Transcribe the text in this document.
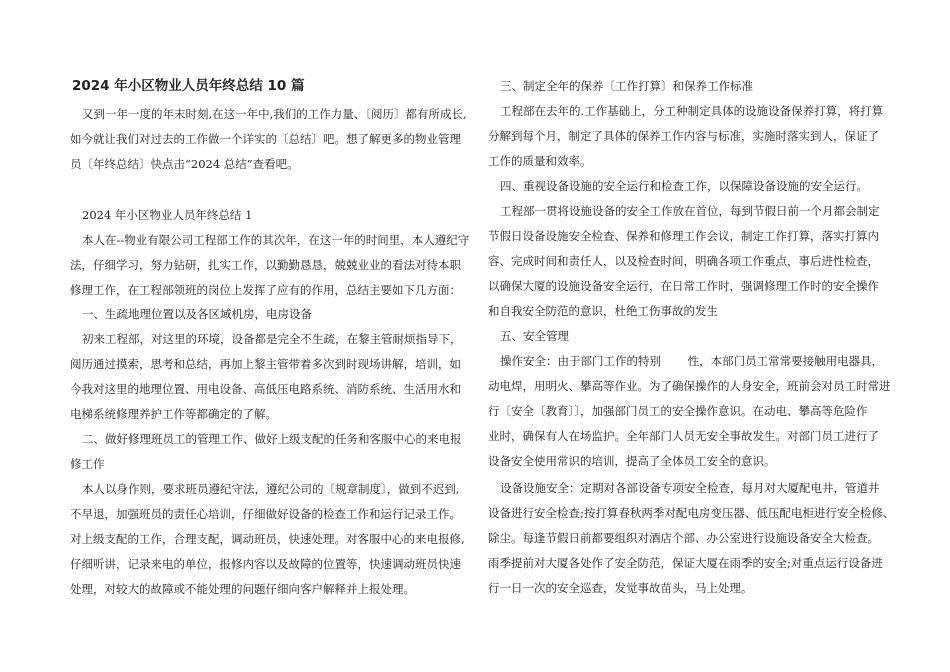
2024 年小区物业人员年终总结 10 篇

又到一年一度的年末时刻,在这一年中,我们的工作力量、〔阅历〕都有所成长,

如今就让我们对过去的工作做一个详实的〔总结〕吧。想了解更多的物业管理

员〔年终总结〕快点击“2024 总结”查看吧。

2024 年小区物业人员年终总结 1

本人在--物业有限公司工程部工作的其次年，在这一年的时间里，本人遵纪守

法，仔细学习，努力钻研，扎实工作，以勤勤恳恳，兢兢业业的看法对待本职

修理工作，在工程部领班的岗位上发挥了应有的作用，总结主要如下几方面：

一、生疏地理位置以及各区域机房，电房设备

初来工程部，对这里的环境，设备都是完全不生疏，在黎主管耐烦指导下，

阅历通过摸索，思考和总结，再加上黎主管带着多次到时现场讲解，培训，如

今我对这里的地理位置、用电设备、高低压电路系统、消防系统、生活用水和

电梯系统修理养护工作等都确定的了解。

二、做好修理班员工的管理工作、做好上级支配的任务和客服中心的来电报

修工作

本人以身作则，要求班员遵纪守法，遵纪公司的〔规章制度〕，做到不迟到,

不早退，加强班员的责任心培训，仔细做好设备的检查工作和运行记录工作。

对上级支配的工作，合理支配，调动班员，快速处理。对客服中心的来电报修,

仔细听讲，记录来电的单位，报修内容以及故障的位置等，快速调动班员快速

处理，对较大的故障或不能处理的问题仔细向客户解释并上报处理。

三、制定全年的保养〔工作打算〕和保养工作标准

工程部在去年的.工作基础上，分工种制定具体的设施设备保养打算，将打算

分解到每个月，制定了具体的保养工作内容与标准，实施时落实到人，保证了

工作的质量和效率。

四、重视设备设施的安全运行和检查工作，以保障设备设施的安全运行。

工程部一贯将设施设备的安全工作放在首位，每到节假日前一个月都会制定

节假日设备设施安全检查、保养和修理工作会议，制定工作打算，落实打算内

容、完成时间和责任人，以及检查时间，明确各项工作重点，事后进性检查，

以确保大厦的设施设备安全运行，在日常工作时，强调修理工作时的安全操作

和自我安全防范的意识，杜绝工伤事故的发生

五、安全管理

操作安全：由于部门工作的特别　　 性，本部门员工常常要接触用电器具，

动电焊，用明火、攀高等作业。为了确保操作的人身安全，班前会对员工时常进

行〔安全〔教育〕〕，加强部门员工的安全操作意识。在动电、攀高等危险作

业时，确保有人在场监护。全年部门人员无安全事故发生。对部门员工进行了

设备安全使用常识的培训，提高了全体员工安全的意识。

设备设施安全：定期对各部设备专项安全检查，每月对大厦配电井，管道井

设备进行安全检查;按打算春秋两季对配电房变压器、低压配电柜进行安全检修、

除尘。每逢节假日前都要组织对酒店个部、办公室进行设施设备安全大检查。

雨季提前对大厦各处作了安全防范，保证大厦在雨季的安全;对重点运行设备进

行一日一次的安全巡查，发觉事故苗头，马上处理。
